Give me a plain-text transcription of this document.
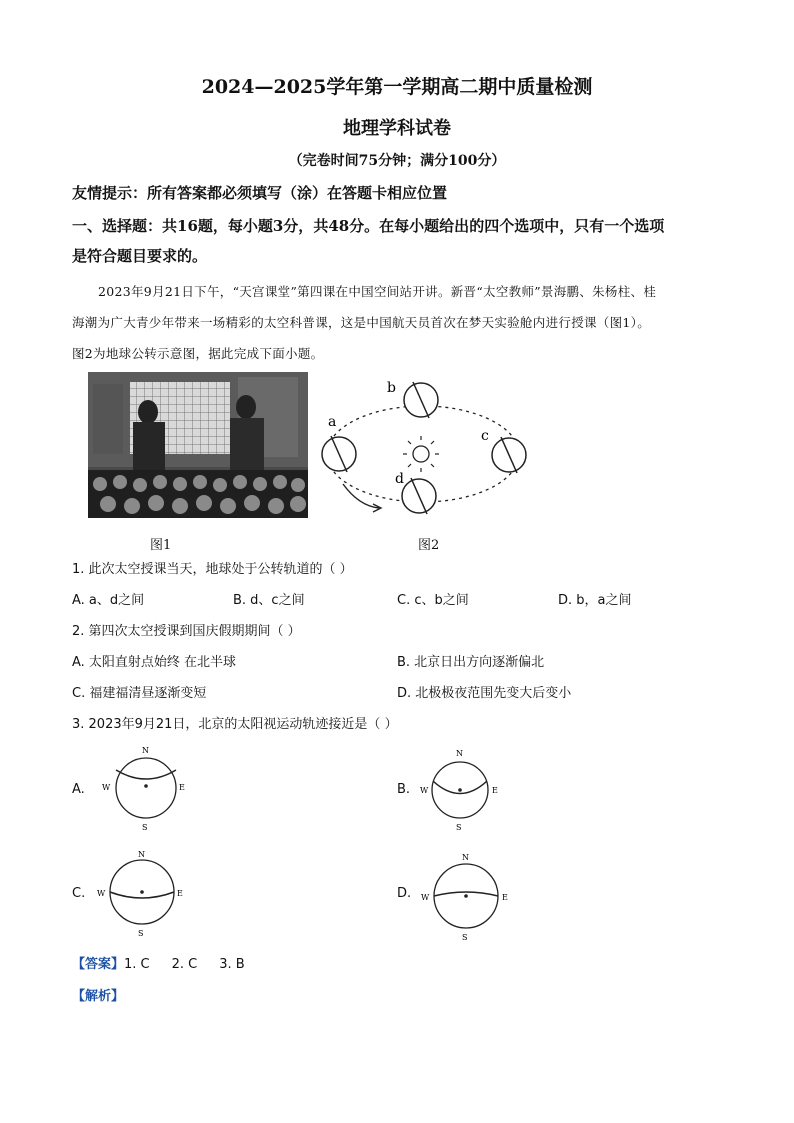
2024—2025学年第一学期高二期中质量检测
地理学科试卷
（完卷时间75分钟；满分100分）
友情提示：所有答案都必须填写（涂）在答题卡相应位置
一、选择题：共16题，每小题3分，共48分。在每小题给出的四个选项中，只有一个选项
是符合题目要求的。
2023年9月21日下午，“天宫课堂”第四课在中国空间站开讲。新晋“太空教师”景海鹏、朱杨柱、桂
海潮为广大青少年带来一场精彩的太空科普课，这是中国航天员首次在梦天实验舱内进行授课（图1）。
图2为地球公转示意图，据此完成下面小题。
a
b
c
d
图1	图2
1. 此次太空授课当天，地球处于公转轨道的（ ）
A. a、d之间	B. d、c之间	C. c、b之间	D. b，a之间
2. 第四次太空授课到国庆假期期间（ ）
A. 太阳直射点始终 在北半球	B. 北京日出方向逐渐偏北
C. 福建福清昼逐渐变短	D. 北极极夜范围先变大后变小
3. 2023年9月21日，北京的太阳视运动轨迹接近是（ ）
A.
N
S
W	E	B.
N
S
W	E
C.
N
S
W	E	D.
N
S
W	E
【答案】1. C 2. C 3. B
【解析】
